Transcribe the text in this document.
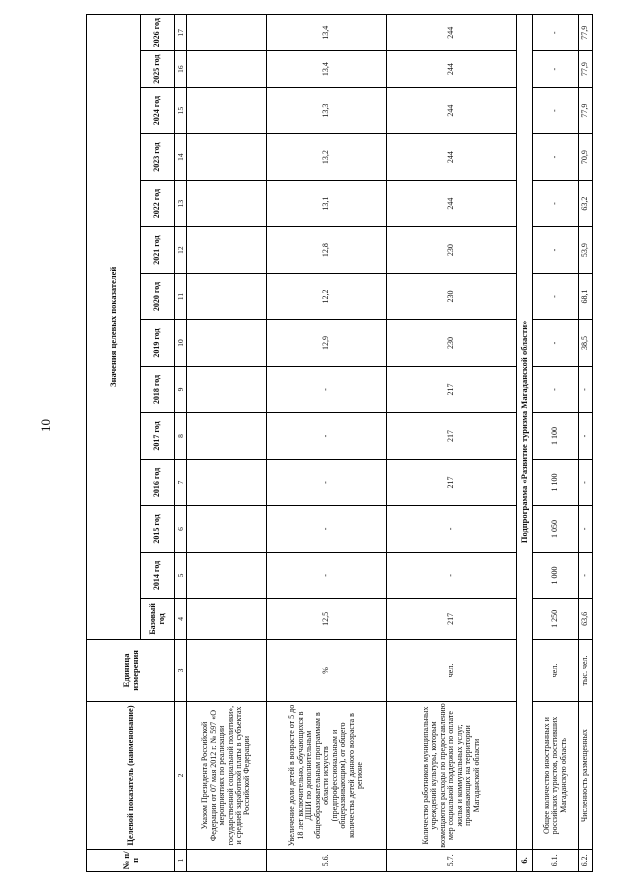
10
№ п/п	Целевой показатель (наименование)	Единица измерения	Значения целевых показателей													
			Базовый год	2014 год	2015 год	2016 год	2017 год	2018 год	2019 год	2020 год	2021 год	2022 год	2023 год	2024 год	2025 год	2026 год
1	2	3	4	5	6	7	8	9	10	11	12	13	14	15	16	17
	Указом Президента Российской Федерации от 07 мая 2012 г. № 597 «О мероприятиях по реализации государственной социальной политики», и средней заработной платы в субъектах Российской Федерации															
5.6.	Увеличение доли детей в возрасте от 5 до 18 лет включительно, обучающихся в ДШИ по дополнительным общеобразовательным программам в области искусств (предпрофессиональным и общеразвивающим), от общего количества детей данного возраста в регионе	%	12,5	-	-	-	-	-	12,9	12,2	12,8	13,1	13,2	13,3	13,4	13,4
5.7.	Количество работников муниципальных учреждений культуры, которым возмещаются расходы по предоставлению мер социальной поддержки по оплате жилья и коммунальных услуг, проживающих на территории Магаданской области	чел.	217	-	-	217	217	217	230	230	230	244	244	244	244	244
6.	Подпрограмма «Развитие туризма Магаданской области»															
6.1.	Общее количество иностранных и российских туристов, посетивших Магаданскую область	чел.	1 250	1 000	1 050	1 100	1 100	-	-	-	-	-	-	-	-	-
6.2.	Численность размещенных	тыс. чел.	63,6	-	-	-	-	-	38,5	68,1	53,9	63,2	70,9	77,9	77,9	77,9
